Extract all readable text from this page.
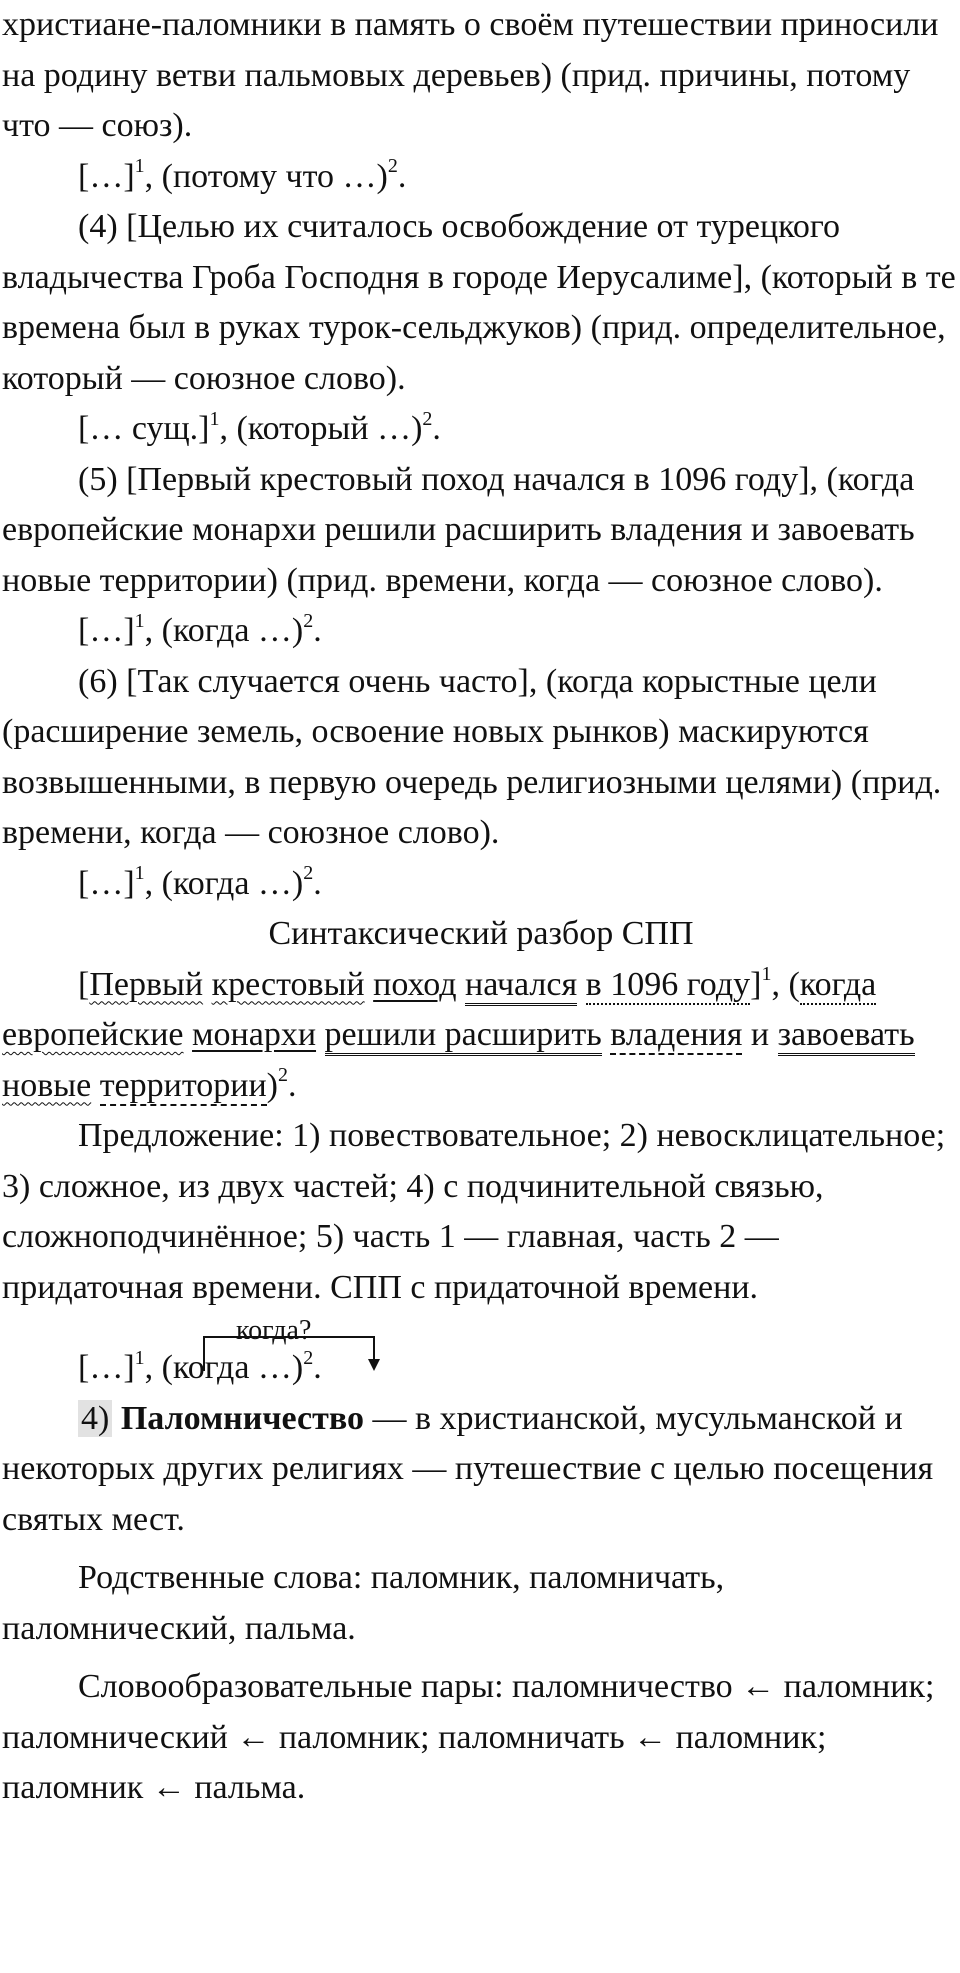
христиане-паломники в память о своём путешествии приносили на родину ветви пальмовых деревьев) (прид. причины, потому что — союз).

[…]$^1$, (потому что …)$^2$.

(4) [Целью их считалось освобождение от турецкого владычества Гроба Господня в городе Иерусалиме], (который в те времена был в руках турок-сельджуков) (прид. определительное, который — союзное слово).

[… сущ.]$^1$, (который …)$^2$.

(5) [Первый крестовый поход начался в 1096 году], (когда европейские монархи решили расширить владения и завоевать новые территории) (прид. времени, когда — союзное слово).

[…]$^1$, (когда …)$^2$.

(6) [Так случается очень часто], (когда корыстные цели (расширение земель, освоение новых рынков) маскируются возвышенными, в первую очередь религиозными целями) (прид. времени, когда — союзное слово).

[…]$^1$, (когда …)$^2$.

Синтаксический разбор СПП

[Первый крестовый поход начался в 1096 году]$^1$, (когда европейские монархи решили расширить владения и завоевать новые территории)$^2$.

Предложение: 1) повествовательное; 2) невосклицательное; 3) сложное, из двух частей; 4) с подчинительной связью, сложноподчинённое; 5) часть 1 — главная, часть 2 — придаточная времени. СПП с придаточной времени.

когда?
[…]$^1$, (когда …)$^2$.

4) Паломничество — в христианской, мусульманской и некоторых других религиях — путешествие с целью посещения святых мест.

Родственные слова: паломник, паломничать, паломнический, пальма.

Словообразовательные пары: паломничество ← паломник; паломнический ← паломник; паломничать ← паломник; паломник ← пальма.
